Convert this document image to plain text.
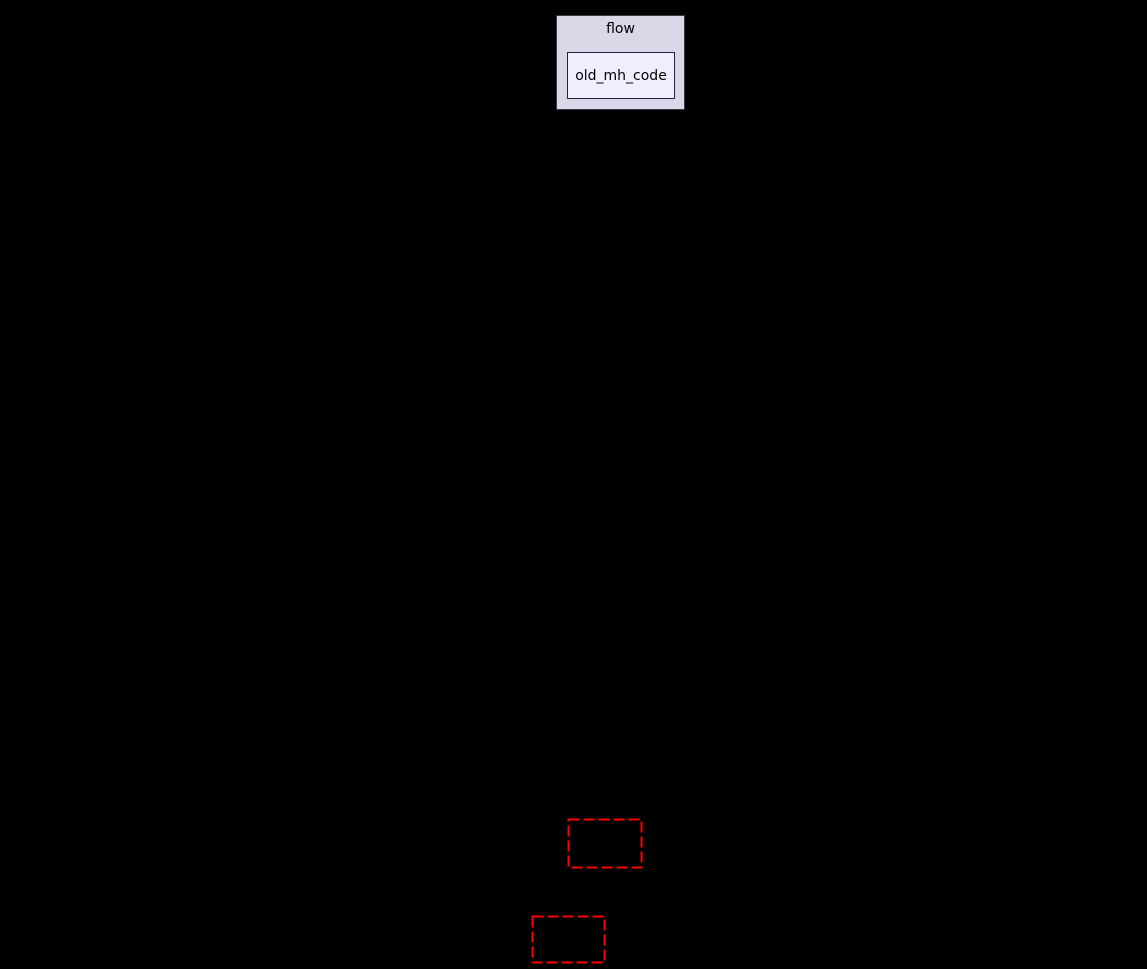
flow
old_mh_code
